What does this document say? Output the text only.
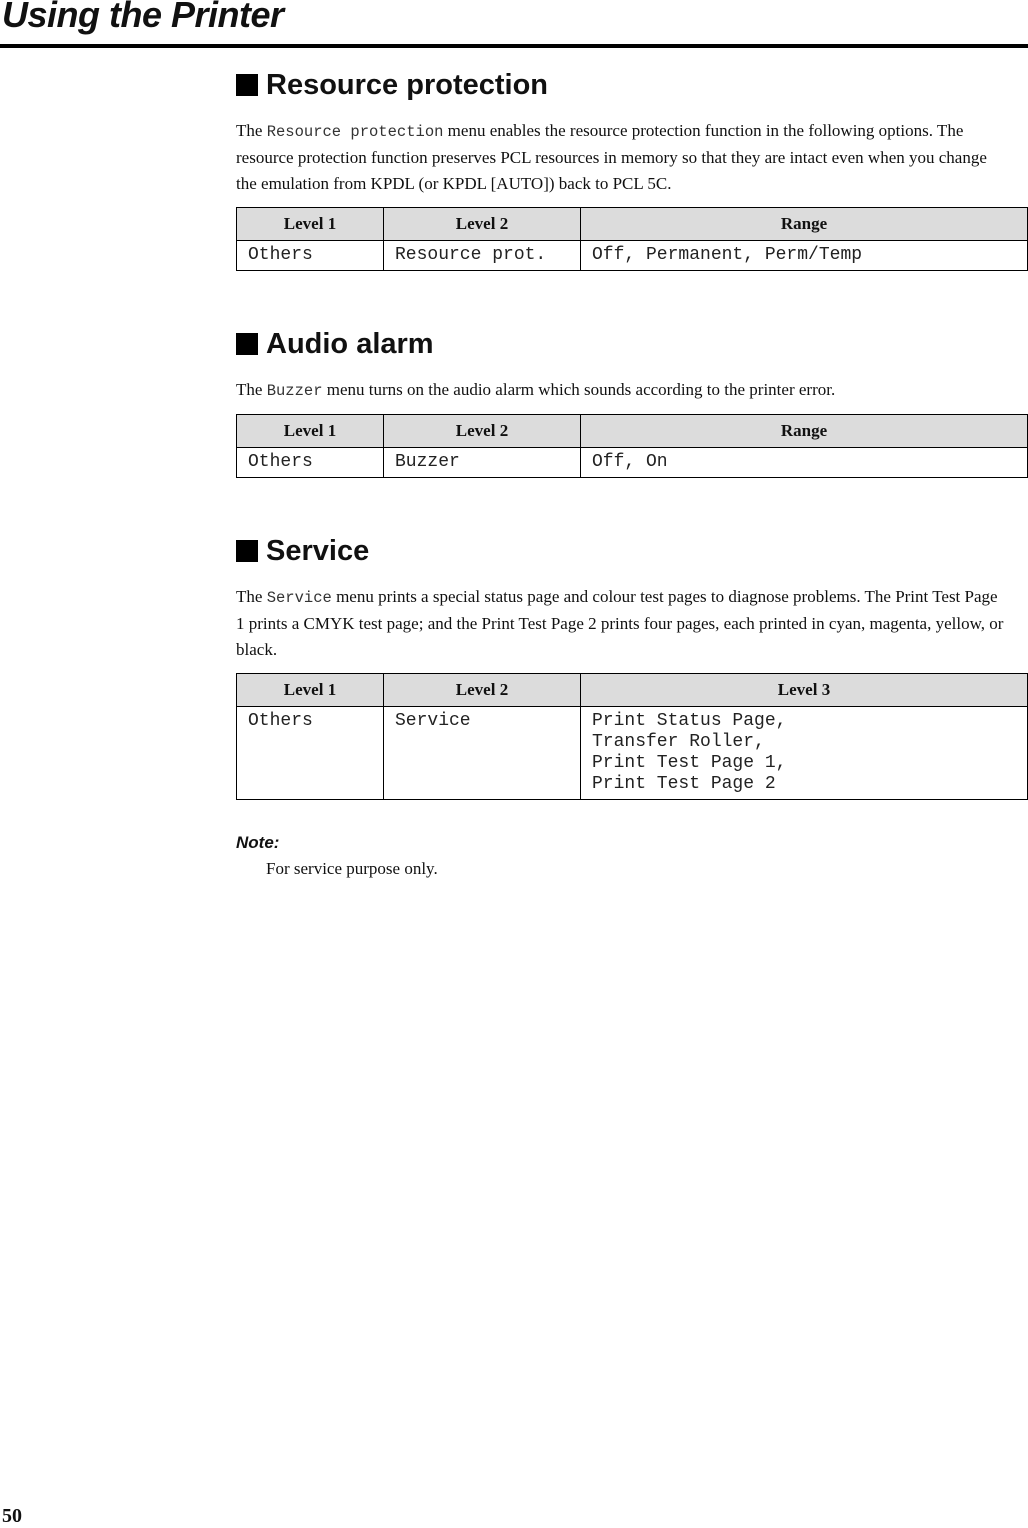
Using the Printer
Resource protection

The Resource protection menu enables the resource protection function in the following options. The resource protection function preserves PCL resources in memory so that they are intact even when you change the emulation from KPDL (or KPDL [AUTO]) back to PCL 5C.

Level 1	Level 2	Range
Others	Resource prot.	Off, Permanent, Perm/Temp
Audio alarm

The Buzzer menu turns on the audio alarm which sounds according to the printer error.

Level 1	Level 2	Range
Others	Buzzer	Off, On
Service

The Service menu prints a special status page and colour test pages to diagnose problems. The Print Test Page 1 prints a CMYK test page; and the Print Test Page 2 prints four pages, each printed in cyan, magenta, yellow, or black.

Level 1	Level 2	Level 3
Others	Service	Print Status Page,
Transfer Roller,
Print Test Page 1,
Print Test Page 2
Note:
For service purpose only.
50
